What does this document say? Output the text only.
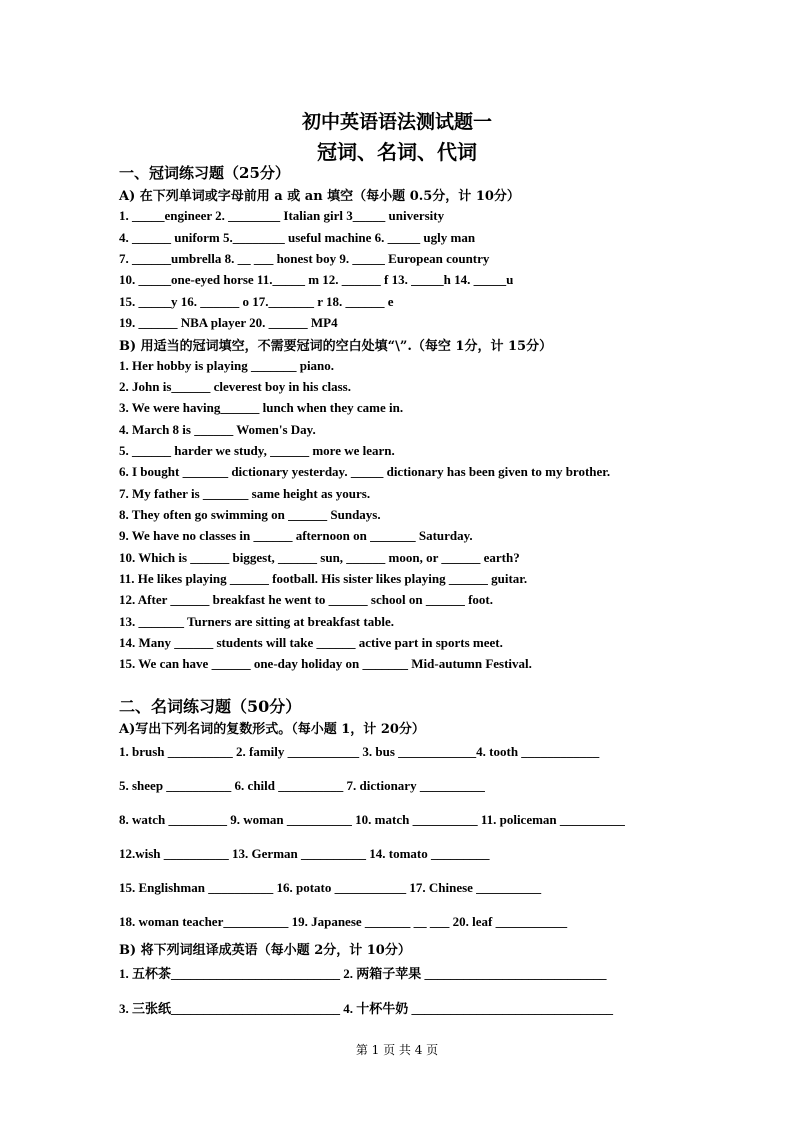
初中英语语法测试题一
冠词、名词、代词
一、冠词练习题（25分）
A) 在下列单词或字母前用 a 或 an 填空（每小题 0.5分，计 10分）
1. _____engineer 2. ________ Italian girl 3_____ university
4. ______ uniform 5.________ useful machine 6. _____ ugly man
7. ______umbrella 8. __ ___ honest boy 9. _____ European country
10. _____one-eyed horse 11._____ m 12. ______ f 13. _____h 14. _____u
15. _____y 16. ______ o 17._______ r 18. ______ e
19. ______ NBA player 20. ______ MP4
B) 用适当的冠词填空，不需要冠词的空白处填“\”.（每空 1分，计 15分）
1. Her hobby is playing _______ piano.
2. John is______ cleverest boy in his class.
3. We were having______ lunch when they came in.
4. March 8 is ______ Women's Day.
5. ______ harder we study, ______ more we learn.
6. I bought _______ dictionary yesterday. _____ dictionary has been given to my brother.
7. My father is _______ same height as yours.
8. They often go swimming on ______ Sundays.
9. We have no classes in ______ afternoon on _______ Saturday.
10. Which is ______ biggest, ______ sun, ______ moon, or ______ earth?
11. He likes playing ______ football. His sister likes playing ______ guitar.
12. After ______ breakfast he went to ______ school on ______ foot.
13. _______ Turners are sitting at breakfast table.
14. Many ______ students will take ______ active part in sports meet.
15. We can have ______ one-day holiday on _______ Mid-autumn Festival.
二、名词练习题（50分）
A)写出下列名词的复数形式。（每小题 1，计 20分）
1. brush __________ 2. family ___________ 3. bus ____________4. tooth ____________
5. sheep __________ 6. child __________ 7. dictionary __________
8. watch _________ 9. woman __________ 10. match __________ 11. policeman __________
12.wish __________ 13. German __________ 14. tomato _________
15. Englishman __________ 16. potato ___________ 17. Chinese __________
18. woman teacher__________ 19. Japanese _______ __ ___ 20. leaf ___________
B) 将下列词组译成英语（每小题 2分，计 10分）
1. 五杯茶__________________________ 2. 两箱子苹果 ____________________________
3. 三张纸__________________________ 4. 十杯牛奶 _______________________________
第 1 页 共 4 页
